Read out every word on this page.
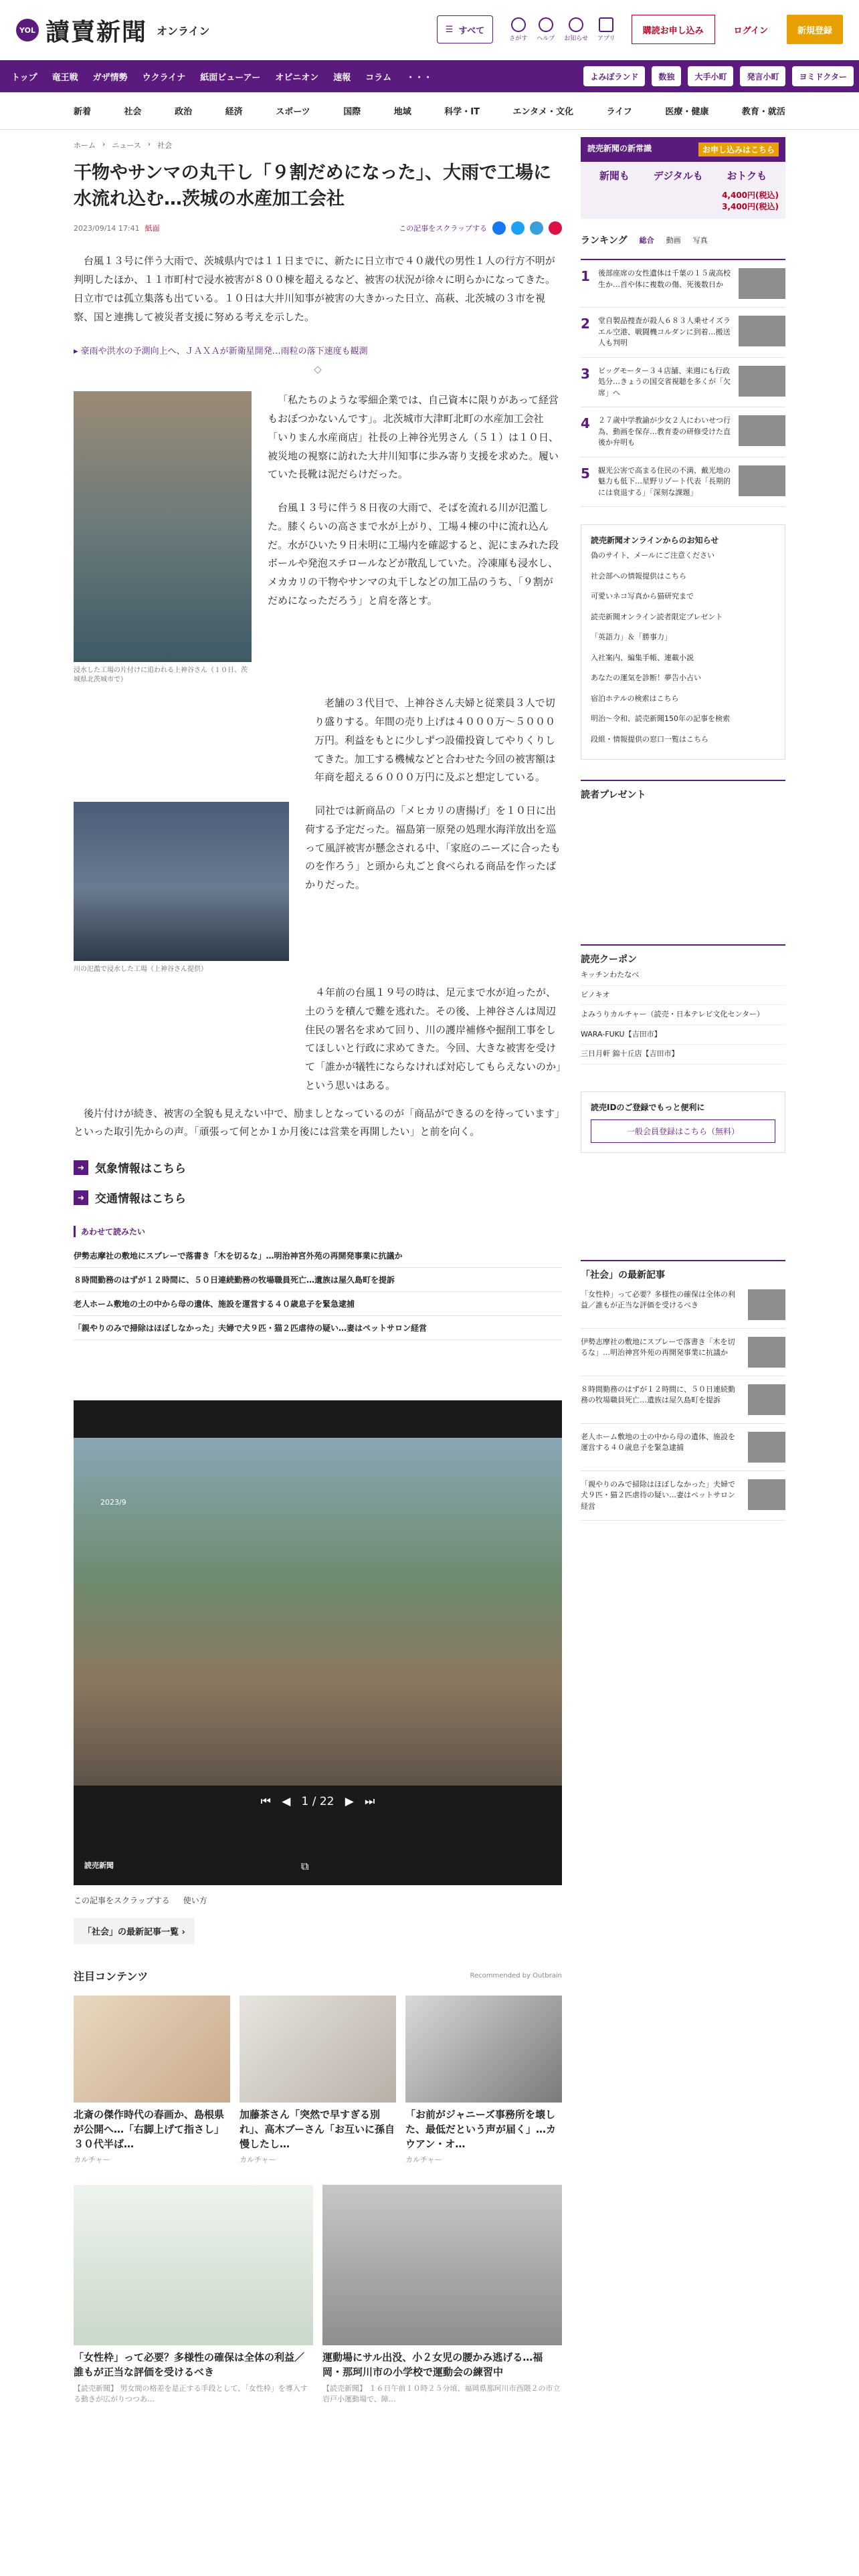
YOL 讀賣新聞 オンライン	☰ すべて
さがす ヘルプ お知らせ アプリ
購読お申し込み	ログイン	新規登録
トップ	竜王戦	ガザ情勢	ウクライナ	紙面ビューアー	オピニオン	速報	コラム	・・・	よみぽランド	数独	大手小町	発言小町	ヨミドクター
新着	社会	政治	経済	スポーツ	国際	地域	科学・IT	エンタメ・文化	ライフ	医療・健康	教育・就活
ホーム › ニュース › 社会
干物やサンマの丸干し「９割だめになった」、大雨で工場に水流れ込む…茨城の水産加工会社
2023/09/14 17:41 紙面	この記事をスクラップする

台風１３号に伴う大雨で、茨城県内では１１日までに、新たに日立市で４０歳代の男性１人の行方不明が判明したほか、１１市町村で浸水被害が８００棟を超えるなど、被害の状況が徐々に明らかになってきた。日立市では孤立集落も出ている。１０日は大井川知事が被害の大きかった日立、高萩、北茨城の３市を視察、国と連携して被災者支援に努める考えを示した。

▸ 豪雨や洪水の予測向上へ、ＪＡＸＡが新衛星開発…雨粒の落下速度も観測
◇
浸水した工場の片付けに追われる上神谷さん（１０日、茨城県北茨城市で）

「私たちのような零細企業では、自己資本に限りがあって経営もおぼつかないんです」。北茨城市大津町北町の水産加工会社「いりまん水産商店」社長の上神谷光男さん（５１）は１０日、被災地の視察に訪れた大井川知事に歩み寄り支援を求めた。履いていた長靴は泥だらけだった。

台風１３号に伴う８日夜の大雨で、そばを流れる川が氾濫した。膝くらいの高さまで水が上がり、工場４棟の中に流れ込んだ。水がひいた９日未明に工場内を確認すると、泥にまみれた段ボールや発泡スチロールなどが散乱していた。冷凍庫も浸水し、メカカリの干物やサンマの丸干しなどの加工品のうち、「９割がだめになっただろう」と肩を落とす。

老舗の３代目で、上神谷さん夫婦と従業員３人で切り盛りする。年間の売り上げは４０００万〜５０００万円。利益をもとに少しずつ設備投資してやりくりしてきた。加工する機械などと合わせた今回の被害額は年商を超える６０００万円に及ぶと想定している。

川の氾濫で浸水した工場（上神谷さん提供）

同社では新商品の「メヒカリの唐揚げ」を１０日に出荷する予定だった。福島第一原発の処理水海洋放出を巡って風評被害が懸念される中、「家庭のニーズに合ったものを作ろう」と頭から丸ごと食べられる商品を作ったばかりだった。

４年前の台風１９号の時は、足元まで水が迫ったが、土のうを積んで難を逃れた。その後、上神谷さんは周辺住民の署名を求めて回り、川の護岸補修や掘削工事をしてほしいと行政に求めてきた。今回、大きな被害を受けて「誰かが犠牲にならなければ対応してもらえないのか」という思いはある。

後片付けが続き、被害の全貌も見えない中で、励ましとなっているのが「商品ができるのを待っています」といった取引先からの声。「頑張って何とか１か月後には営業を再開したい」と前を向く。

➜ 気象情報はこちら
➜ 交通情報はこちら
あわせて読みたい
伊勢志摩社の敷地にスプレーで落書き「木を切るな」…明治神宮外苑の再開発事業に抗議か
８時間勤務のはずが１２時間に、５０日連続勤務の牧場職員死亡…遺族は屋久島町を提訴
老人ホーム敷地の土の中から母の遺体、施設を運営する４０歳息子を緊急逮捕
「親やりのみで掃除はほぼしなかった」夫婦で犬９匹・猫２匹虐待の疑い…妻はペットサロン経営
2023/9
⏮ ◀ 1 / 22 ▶ ⏭
読売新聞	⧉
この記事をスクラップする 使い方
「社会」の最新記事一覧 ›
注目コンテンツ	Recommended by Outbrain
北斎の傑作時代の春画か、島根県が公開へ…「右脚上げて指さし」３０代半ば…
カルチャー
加藤茶さん「突然で早すぎる別れ」、高木ブーさん「お互いに孫自慢したし…
カルチャー
「お前がジャニーズ事務所を壊した、最低だという声が届く」…カウアン・オ…
カルチャー
「女性枠」って必要？多様性の確保は全体の利益／誰もが正当な評価を受けるべき
【読売新聞】 男女間の格差を是正する手段として、「女性枠」を導入する動きが広がりつつあ…
運動場にサル出没、小２女児の腰かみ逃げる…福岡・那珂川市の小学校で運動会の練習中
【読売新聞】 １６日午前１０時２５分頃、福岡県那珂川市西隈２の市立岩戸小運動場で、障…
読売新聞の新常識	お申し込みはこちら
新聞も デジタルも おトクも
4,400円(税込)
3,400円(税込)
ランキング 総合 動画 写真
1 後部座席の女性遺体は千葉の１５歳高校生か…首や体に複数の傷、死後数日か
2 堂自製品捜査が殺人６８３人乗せイズラエル空港、戦闘機コルダンに到着…搬送人も判明
3 ビッグモーター３４店舗、来週にも行政処分…きょうの国交省視聴を多くが「欠席」へ
4 ２７歳中学教諭が少女２人にわいせつ行為、動画を保存…教育委の研修受けた直後か弁明も
5 観光公害で高まる住民の不満、戴光地の魅力も低下…星野リゾート代表「長期的には衰退する」「深刻な課題」
読売新聞オンラインからのお知らせ
偽のサイト、メールにご注意ください
社会部への情報提供はこちら
可愛いネコ写真から猫研究まで
読売新聞オンライン読者限定プレゼント
「英語力」＆「勝事力」
入社案内、編集手帳、連載小説
あなたの運気を診断！夢告小占い
宿泊ホテルの検索はこちら
明治〜令和、読売新聞150年の記事を検索
段組・情報提供の窓口一覧はこちら
読者プレゼント
読売クーポン
キッチンわたなべ
ビノキオ
よみうりカルチャー（読売・日本テレビ文化センター）
WARA-FUKU【吉田市】
三日月軒 錦十丘店【吉田市】
読売IDのご登録でもっと便利に
一般会員登録はこちら（無料）
「社会」の最新記事
「女性枠」って必要？多様性の確保は全体の利益／誰もが正当な評価を受けるべき
伊勢志摩社の敷地にスプレーで落書き「木を切るな」…明治神宮外苑の再開発事業に抗議か
８時間勤務のはずが１２時間に、５０日連続勤務の牧場職員死亡…遺族は屋久島町を提訴
老人ホーム敷地の土の中から母の遺体、施設を運営する４０歳息子を緊急逮捕
「親やりのみで掃除はほぼしなかった」夫婦で犬９匹・猫２匹虐待の疑い…妻はペットサロン経営
